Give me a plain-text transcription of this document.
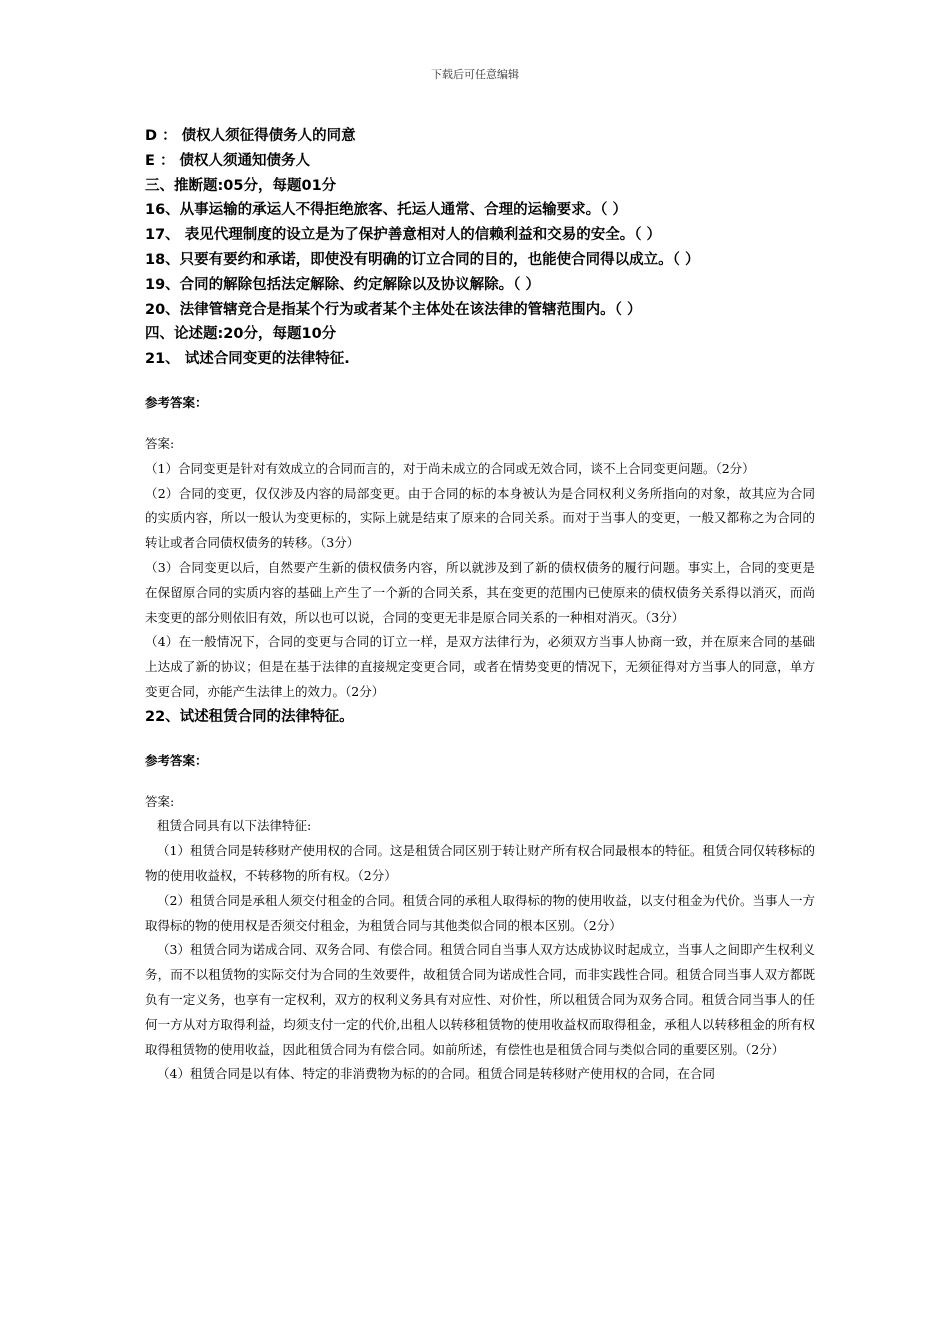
下载后可任意编辑
D ： 债权人须征得债务人的同意
E ： 债权人须通知债务人
三、推断题:05分，每题01分
16、从事运输的承运人不得拒绝旅客、托运人通常、合理的运输要求。（ ）
17、 表见代理制度的设立是为了保护善意相对人的信赖利益和交易的安全。（ ）
18、只要有要约和承诺，即使没有明确的订立合同的目的，也能使合同得以成立。（ ）
19、合同的解除包括法定解除、约定解除以及协议解除。（ ）
20、法律管辖竞合是指某个行为或者某个主体处在该法律的管辖范围内。（ ）
四、论述题:20分，每题10分
21、 试述合同变更的法律特征.
参考答案：
答案:

（1）合同变更是针对有效成立的合同而言的，对于尚未成立的合同或无效合同，谈不上合同变更问题。（2分）

（2）合同的变更，仅仅涉及内容的局部变更。由于合同的标的本身被认为是合同权利义务所指向的对象，故其应为合同的实质内容，所以一般认为变更标的，实际上就是结束了原来的合同关系。而对于当事人的变更，一般又都称之为合同的转让或者合同债权债务的转移。（3分）

（3）合同变更以后，自然要产生新的债权债务内容，所以就涉及到了新的债权债务的履行问题。事实上，合同的变更是在保留原合同的实质内容的基础上产生了一个新的合同关系，其在变更的范围内已使原来的债权债务关系得以消灭，而尚未变更的部分则依旧有效，所以也可以说，合同的变更无非是原合同关系的一种相对消灭。（3分）

（4）在一般情况下，合同的变更与合同的订立一样，是双方法律行为，必须双方当事人协商一致，并在原来合同的基础上达成了新的协议；但是在基于法律的直接规定变更合同，或者在情势变更的情况下，无须征得对方当事人的同意，单方变更合同，亦能产生法律上的效力。（2分）

22、试述租赁合同的法律特征。
参考答案：
答案:

租赁合同具有以下法律特征:

（1）租赁合同是转移财产使用权的合同。这是租赁合同区别于转让财产所有权合同最根本的特征。租赁合同仅转移标的物的使用收益权，不转移物的所有权。（2分）

（2）租赁合同是承租人须交付租金的合同。租赁合同的承租人取得标的物的使用收益，以支付租金为代价。当事人一方取得标的物的使用权是否须交付租金，为租赁合同与其他类似合同的根本区别。（2分）

（3）租赁合同为诺成合同、双务合同、有偿合同。租赁合同自当事人双方达成协议时起成立，当事人之间即产生权利义务，而不以租赁物的实际交付为合同的生效要件，故租赁合同为诺成性合同，而非实践性合同。租赁合同当事人双方都既负有一定义务，也享有一定权利，双方的权利义务具有对应性、对价性，所以租赁合同为双务合同。租赁合同当事人的任何一方从对方取得利益，均须支付一定的代价,出租人以转移租赁物的使用收益权而取得租金，承租人以转移租金的所有权取得租赁物的使用收益，因此租赁合同为有偿合同。如前所述，有偿性也是租赁合同与类似合同的重要区别。（2分）

（4）租赁合同是以有体、特定的非消费物为标的的合同。租赁合同是转移财产使用权的合同，在合同
